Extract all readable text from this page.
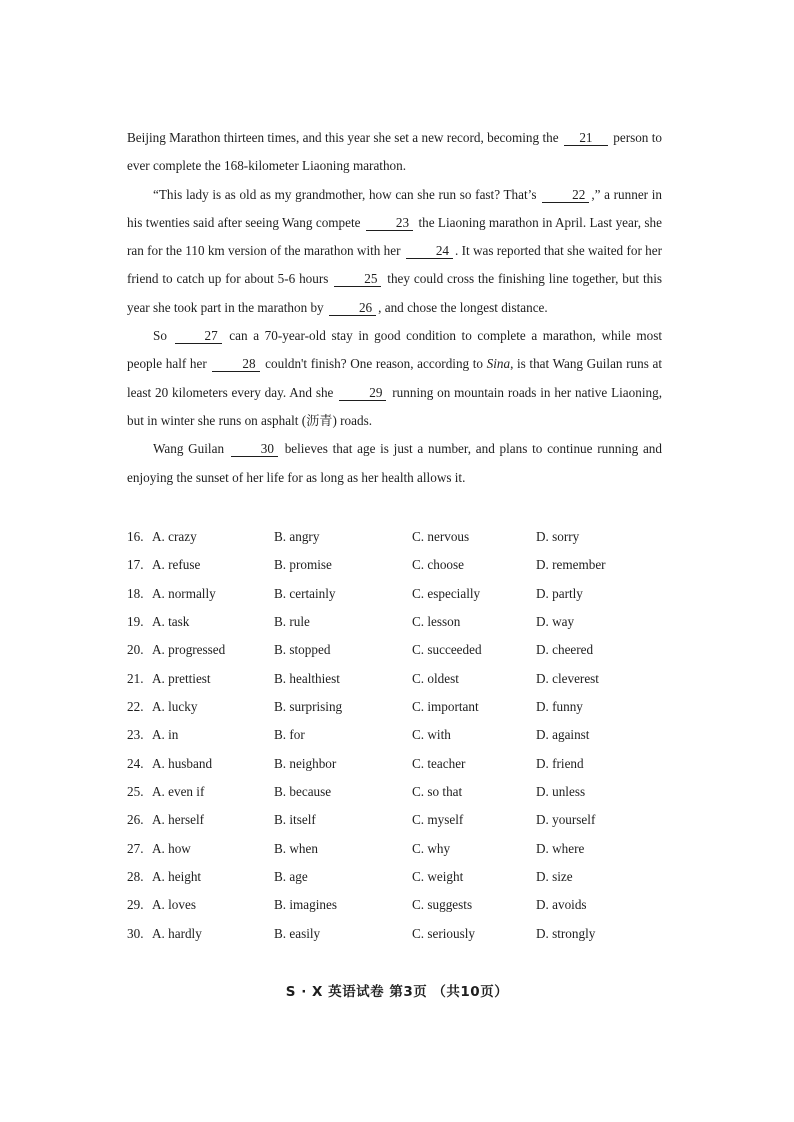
Beijing Marathon thirteen times, and this year she set a new record, becoming the 21 person to ever complete the 168-kilometer Liaoning marathon.

“This lady is as old as my grandmother, how can she run so fast? That’s 22 ,” a runner in his twenties said after seeing Wang compete 23 the Liaoning marathon in April. Last year, she ran for the 110 km version of the marathon with her 24 . It was reported that she waited for her friend to catch up for about 5-6 hours 25 they could cross the finishing line together, but this year she took part in the marathon by 26 , and chose the longest distance.

So 27 can a 70-year-old stay in good condition to complete a marathon, while most people half her 28 couldn't finish? One reason, according to Sina, is that Wang Guilan runs at least 20 kilometers every day. And she 29 running on mountain roads in her native Liaoning, but in winter she runs on asphalt (沥青) roads.

Wang Guilan 30 believes that age is just a number, and plans to continue running and enjoying the sunset of her life for as long as her health allows it.

16. A. crazy	B. angry	C. nervous	D. sorry
17. A. refuse	B. promise	C. choose	D. remember
18. A. normally	B. certainly	C. especially	D. partly
19. A. task	B. rule	C. lesson	D. way
20. A. progressed	B. stopped	C. succeeded	D. cheered
21. A. prettiest	B. healthiest	C. oldest	D. cleverest
22. A. lucky	B. surprising	C. important	D. funny
23. A. in	B. for	C. with	D. against
24. A. husband	B. neighbor	C. teacher	D. friend
25. A. even if	B. because	C. so that	D. unless
26. A. herself	B. itself	C. myself	D. yourself
27. A. how	B. when	C. why	D. where
28. A. height	B. age	C. weight	D. size
29. A. loves	B. imagines	C. suggests	D. avoids
30. A. hardly	B. easily	C. seriously	D. strongly
S · X 英语试卷 第3页 （共10页）
